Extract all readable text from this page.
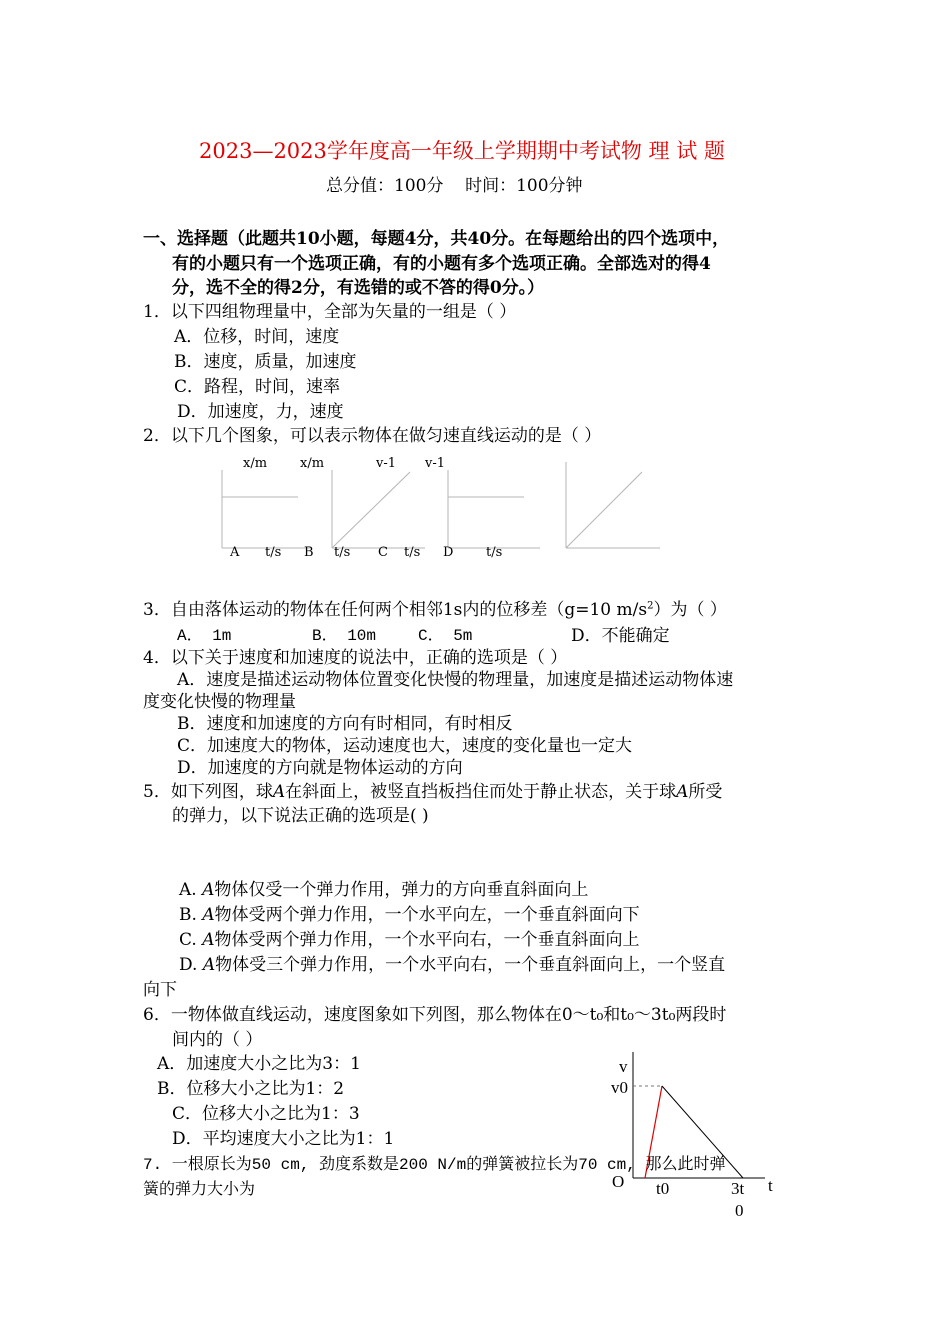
2023—2023学年度高一年级上学期期中考试物 理 试 题
总分值：100分    时间：100分钟
一、选择题（此题共10小题，每题4分，共40分。在每题给出的四个选项中，
有的小题只有一个选项正确，有的小题有多个选项正确。全部选对的得4
分，选不全的得2分，有选错的或不答的得0分。）
1．以下四组物理量中，全部为矢量的一组是（ ）
A．位移，时间，速度
B．速度，质量，加速度
C．路程，时间，速率
D．加速度，力，速度
2．以下几个图象，可以表示物体在做匀速直线运动的是（ ）
x/m	x/m	v-1 v-1
A t/s B t/s C t/s D	t/s
3．自由落体运动的物体在任何两个相邻1s内的位移差（g=10 $m/s^2$）为（ ）
A． 1m	B． 10m	C． 5m	D．不能确定
4．以下关于速度和加速度的说法中，正确的选项是（ ）
A．速度是描述运动物体位置变化快慢的物理量，加速度是描述运动物体速
度变化快慢的物理量
B．速度和加速度的方向有时相同，有时相反
C．加速度大的物体，运动速度也大，速度的变化量也一定大
D．加速度的方向就是物体运动的方向
5．如下列图，球A在斜面上，被竖直挡板挡住而处于静止状态，关于球A所受
的弹力，以下说法正确的选项是( )
A. A物体仅受一个弹力作用，弹力的方向垂直斜面向上
B. A物体受两个弹力作用，一个水平向左，一个垂直斜面向下
C. A物体受两个弹力作用，一个水平向右，一个垂直斜面向上
D. A物体受三个弹力作用，一个水平向右，一个垂直斜面向上，一个竖直
向下
6．一物体做直线运动，速度图象如下列图，那么物体在0～t₀和t₀～3t₀两段时
间内的（ ）
A．加速度大小之比为3：1
B．位移大小之比为1：2
C．位移大小之比为1：3
D．平均速度大小之比为1：1
v
v0
O t0	3t
0
t
7. 一根原长为50 cm, 劲度系数是200 N/m的弹簧被拉长为70 cm, 那么此时弹
簧的弹力大小为
